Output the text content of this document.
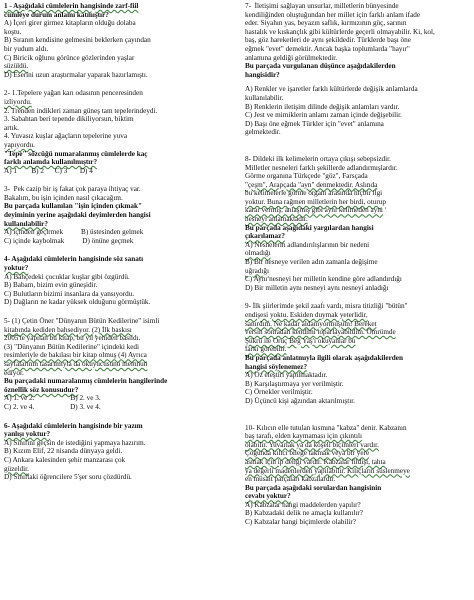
1 - Aşağıdaki cümlelerin hangisinde zarf-fiil
cümleye durum anlamı katmıştır?
A) İçeri girer girmez kitapların olduğu dolaba
koştu.
B) Sıranın kendisine gelmesini beklerken çayından
bir yudum aldı.
C) Biricik oğlunu görünce gözlerinden yaşlar
süzüldü.
D) Eserini uzun araştırmalar yaparak hazırlamıştı.
2- 1.Tepelere yağan karı odasının penceresinden
izliyordu.
2. Trenden indikleri zaman güneş tam tepelerindeydi.
3. Sabahtan beri tepende dikiliyorsun, biktim
artık.
4. Yuvasız kuşlar ağaçların tepelerine yuva
yapıyordu.
"Tepe" sözcüğü numaralanmış cümlelerde kaç
farklı anlamda kullanılmıştır?
A) 1        B) 2      C) 3       D) 4
3-  Pek cazip bir iş fakat çok paraya ihtiyaç var.
Bakalım, bu işin içinden nasıl çıkacağım.
Bu parçada kullanılan "işin içinden çıkmak"
deyiminin yerine aşağıdaki deyimlerden hangisi
kullanılabilir?
A) içinden geçirmek          B) üstesinden gelmek
C) içinde kaybolmak          D) önüne geçmek
4- Aşağıdaki cümlelerin hangisinde söz sanatı
yoktur?
A) Bahçedeki çocuklar kuşlar gibi özgürdü.
B) Babam, bizim evin güneşidir.
C) Bulutların bizimi insanlara da yansıyordu.
D) Dağların ne kadar yüksek olduğunu görmüştük.
5- (1) Çetin Öner "Dünyanın Bütün Kedilerine" isimli
kitabında kediden bahsediyor. (2) İlk baskısı
2005'te yapılan bu kitap, bu yıl yeniden basıldı.
(3) "Dünyanın Bütün Kedilerine" içindeki kedi
resimleriyle de bakılası bir kitap olmuş (4) Ayrıca
sayfalarının tasarımıyla da okuyucusunu memnun
ediyor.
Bu parçadaki numaralanmış cümlelerin hangilerinde
öznellik söz konusudur?
A) 1. ve 2.                    B) 2. ve 3.
C) 2. ve 4.                    D) 3. ve 4.
6- Aşağıdaki cümlelerin hangisinde bir yazım
yanlışı yoktur?
A) Sınıfını geçsin de istediğini yapmaya hazırım.
B) Kızım Elif, 22 nisanda dünyaya geldi.
C) Ankara kalesinden şehir manzarası çok
güzeldir.
D) Sınıftaki öğrencilere 5'şer soru çözdürdü.
7-  İletişimi sağlayan unsurlar, milletlerin bünyesinde
kendiliğinden oluştuğundan her millet için farklı anlam ifade
eder. Siyahın yas, beyazın saflık, kırmızının güç, sarının
hastalık ve kıskançlık gibi kültürlerde geçerli olmayabilir. Ki, kol,
baş, göz hareketleri de aynı şekildedir. Türklerde başı öne
eğmek "evet" demektir. Ancak başka toplumlarda "hayır"
anlamına geldiği görülmektedir.
Bu parçada vurgulanan düşünce aşağıdakilerden
hangisidir?
A) Renkler ve işaretler farklı kültürlerde değişik anlamlarda
kullanılabilir.
B) Renklerin iletişim dilinde değişik anlamları vardır.
C) Jest ve mimiklerin anlamı zaman içinde değişebilir.
D) Başı öne eğmek Türkler için "evet" anlamına
gelmektedir.
8- Dildeki ilk kelimelerin ortaya çıkışı sebepsizdir.
Milletler nesneleri farklı şekillerde adlandırmışlardır.
Görme organına Türkçede "göz", Farsçada
"çeşm", Arapçada "ayn" denmektedir. Aslında
bu kelimelerle görme organı arasında hiçbir ilgi
yoktur. Buna rağmen milletlerin her birdi, oturup
karar vermiş, anlaşmış gibi aynı kelimeden aynı
nesneyi anlamaktadır.
Bu parçada aşağıdaki yargılardan hangisi
çıkarılamaz?
A) Nesnelerin adlandırılışlarının bir nedeni
olmadığı
B) Bir nesneye verilen adın zamanla değişime
uğradığı
C) Aynı nesneyi her milletin kendine göre adlandırdığı
D) Bir milletin aynı nesneyi aynı nesneyi anladığı
9- İlk şiirlerimde şekil zaafı vardı, misra titizliği "bütün"
endişesi yoktu. Eskiden duymak yeterlidir,
sanırdım. Ne kadar aldanıyormuşum! Bereket
versin sonradan kendimi toparlayabildim. Ömrümde
Şükrü ile Oruç Beğ Yaş'ı okuyanlar bu
farkı görebilir.
Bu parçada anlatmıyla ilgili olarak aşağıdakilerden
hangisi söylenemez?
A) Öz eleştiri yapılmaktadır.
B) Karşılaştırmaya yer verilmiştir.
C) Örnekler verilmiştir.
D) Üçüncü kişi ağzından aktarılmıştır.
10- Kılıcın elle tutulan kısmına "kabza" denir. Kabzanın
baş tarafı, elden kaymaması için çıkıntılı
olabilir. Yuvarlak ya da köşeli biçimleri vardır.
Çoğunda kılıcı bileğe takmak veya bir yere
asmak için ip deliği vardır. Kabzalar fildişi, tahta
ya değerli madenlerden yapılabilir. Kılıçların süslenmeye
en müsait parçaları kabzalardır.
Bu parçada aşağıdaki sorulardan hangisinin
cevabı yoktur?
A) Kabzalar hangi maddelerden yapılır?
B) Kabzadaki delik ne amaçla kullanılır?
C) Kabzalar hangi biçimlerde olabilir?
